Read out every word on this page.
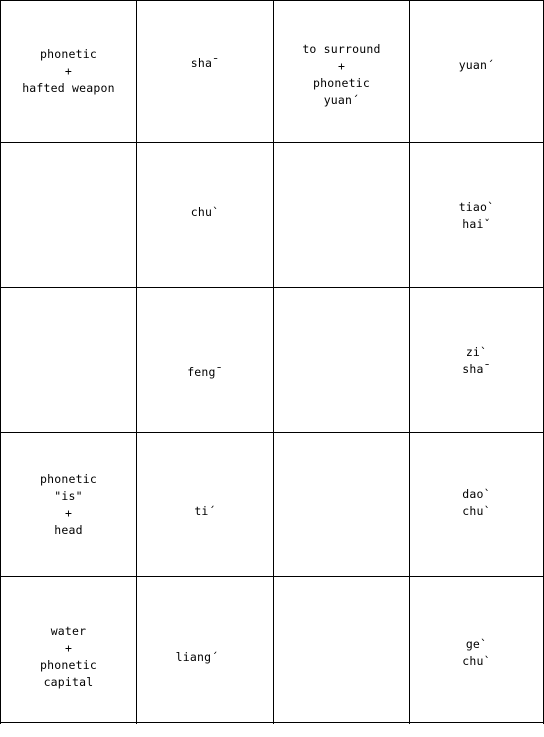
phonetic
+
hafted weapon
sha¯
to surround
+
phonetic
yuan´
yuan´
chu`	tiao`
haiˇ
feng¯
zi`
sha¯
phonetic
"is"
+
head
ti´
dao`
chu`
water
+
phonetic
capital
liang´
ge`
chu`
